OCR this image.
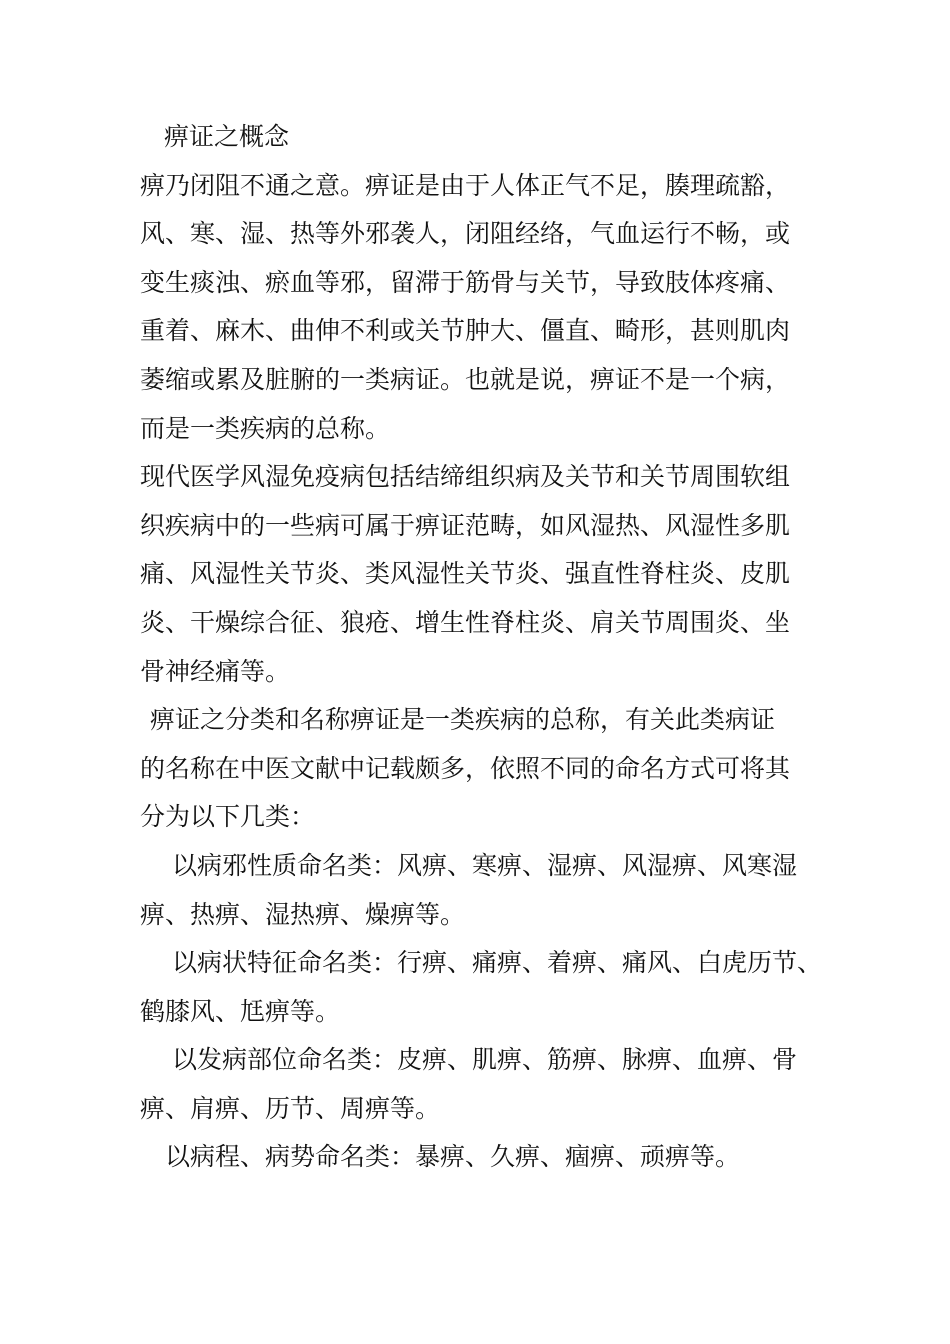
痹证之概念

痹乃闭阻不通之意。痹证是由于人体正气不足，腠理疏豁，

风、寒、湿、热等外邪袭人，闭阻经络，气血运行不畅，或

变生痰浊、瘀血等邪，留滞于筋骨与关节，导致肢体疼痛、

重着、麻木、曲伸不利或关节肿大、僵直、畸形，甚则肌肉

萎缩或累及脏腑的一类病证。也就是说，痹证不是一个病，

而是一类疾病的总称。

现代医学风湿免疫病包括结缔组织病及关节和关节周围软组

织疾病中的一些病可属于痹证范畴，如风湿热、风湿性多肌

痛、风湿性关节炎、类风湿性关节炎、强直性脊柱炎、皮肌

炎、干燥综合征、狼疮、增生性脊柱炎、肩关节周围炎、坐

骨神经痛等。

痹证之分类和名称痹证是一类疾病的总称，有关此类病证

的名称在中医文献中记载颇多，依照不同的命名方式可将其

分为以下几类：

以病邪性质命名类：风痹、寒痹、湿痹、风湿痹、风寒湿

痹、热痹、湿热痹、燥痹等。

以病状特征命名类：行痹、痛痹、着痹、痛风、白虎历节、

鹤膝风、尪痹等。

以发病部位命名类：皮痹、肌痹、筋痹、脉痹、血痹、骨

痹、肩痹、历节、周痹等。

以病程、病势命名类：暴痹、久痹、痼痹、顽痹等。
